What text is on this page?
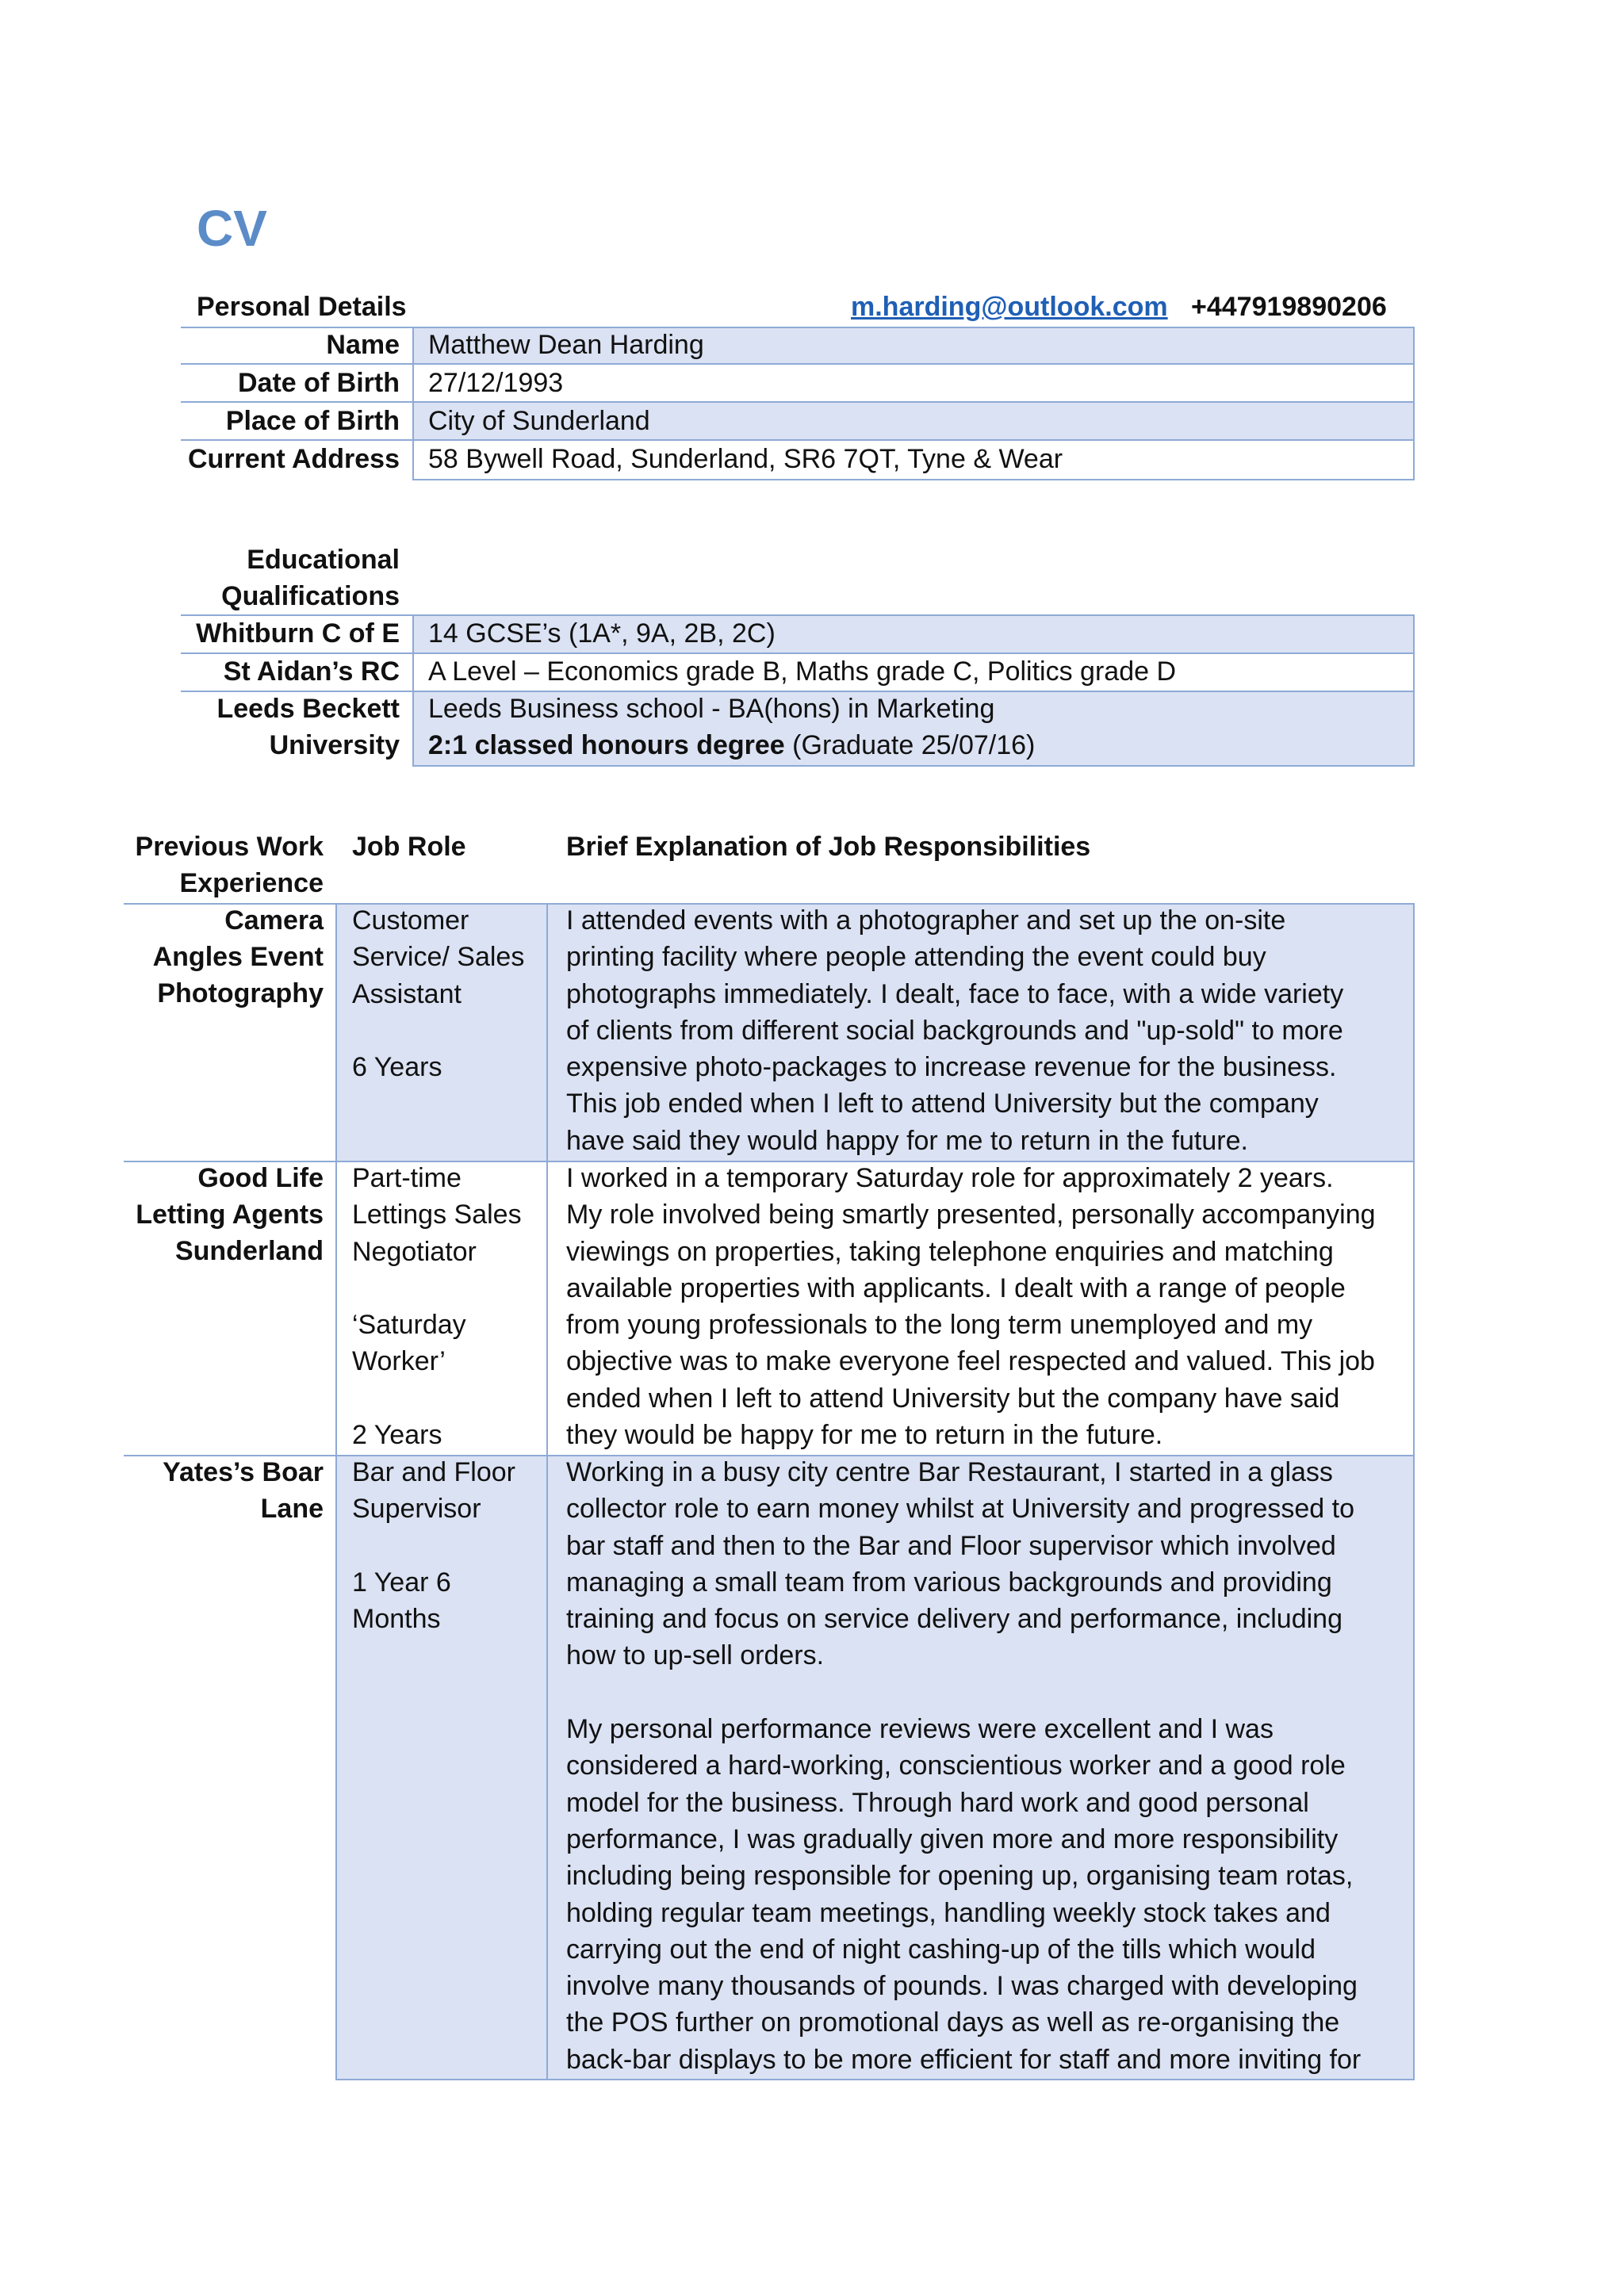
CV
Personal Details	m.harding@outlook.com +447919890206
Name Matthew Dean Harding
Date of Birth 27/12/1993
Place of Birth City of Sunderland
Current Address 58 Bywell Road, Sunderland, SR6 7QT, Tyne & Wear
Educational
Qualifications
Whitburn C of E 14 GCSE’s (1A*, 9A, 2B, 2C)
St Aidan’s RC A Level – Economics grade B, Maths grade C, Politics grade D
Leeds Beckett
University
Leeds Business school - BA(hons) in Marketing
2:1 classed honours degree (Graduate 25/07/16)
Previous Work
Experience
Job Role	Brief Explanation of Job Responsibilities
Camera
Angles Event
Photography
Customer
Service/ Sales
Assistant
6 Years
I attended events with a photographer and set up the on-site
printing facility where people attending the event could buy
photographs immediately. I dealt, face to face, with a wide variety
of clients from different social backgrounds and "up-sold" to more
expensive photo-packages to increase revenue for the business.
This job ended when I left to attend University but the company
have said they would happy for me to return in the future.
Good Life
Letting Agents
Sunderland
Part-time
Lettings Sales
Negotiator
‘Saturday
Worker’
2 Years
I worked in a temporary Saturday role for approximately 2 years.
My role involved being smartly presented, personally accompanying
viewings on properties, taking telephone enquiries and matching
available properties with applicants. I dealt with a range of people
from young professionals to the long term unemployed and my
objective was to make everyone feel respected and valued. This job
ended when I left to attend University but the company have said
they would be happy for me to return in the future.
Yates’s Boar
Lane
Bar and Floor
Supervisor
1 Year 6
Months
Working in a busy city centre Bar Restaurant, I started in a glass
collector role to earn money whilst at University and progressed to
bar staff and then to the Bar and Floor supervisor which involved
managing a small team from various backgrounds and providing
training and focus on service delivery and performance, including
how to up-sell orders.
My personal performance reviews were excellent and I was
considered a hard-working, conscientious worker and a good role
model for the business. Through hard work and good personal
performance, I was gradually given more and more responsibility
including being responsible for opening up, organising team rotas,
holding regular team meetings, handling weekly stock takes and
carrying out the end of night cashing-up of the tills which would
involve many thousands of pounds. I was charged with developing
the POS further on promotional days as well as re-organising the
back-bar displays to be more efficient for staff and more inviting for
